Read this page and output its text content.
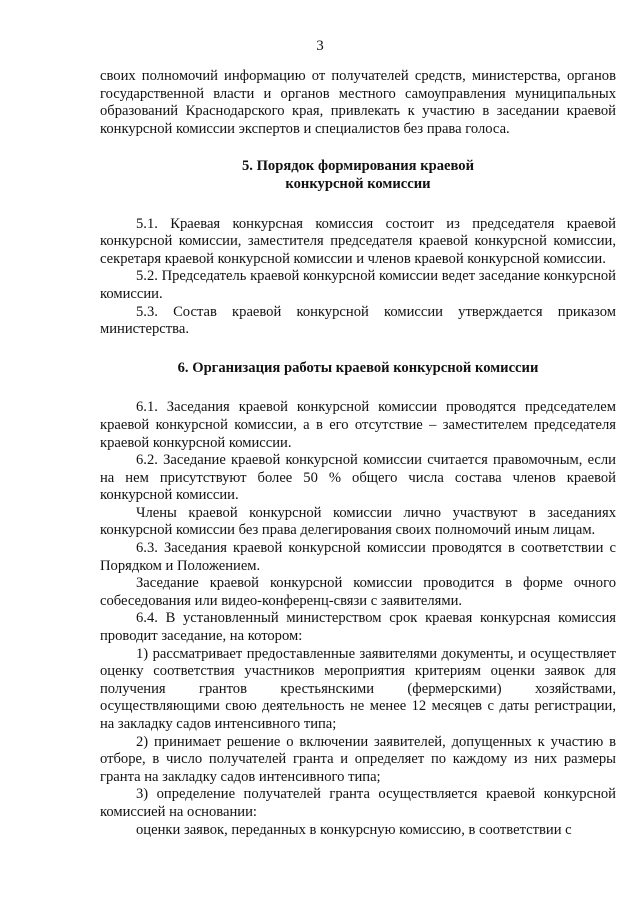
3

своих полномочий информацию от получателей средств, министерства, органов государственной власти и органов местного самоуправления муниципальных образований Краснодарского края, привлекать к участию в заседании краевой конкурсной комиссии экспертов и специалистов без права голоса.

5. Порядок формирования краевой
конкурсной комиссии

5.1. Краевая конкурсная комиссия состоит из председателя краевой конкурсной комиссии, заместителя председателя краевой конкурсной комиссии, секретаря краевой конкурсной комиссии и членов краевой конкурсной комиссии.

5.2. Председатель краевой конкурсной комиссии ведет заседание конкурсной комиссии.

5.3. Состав краевой конкурсной комиссии утверждается приказом министерства.

6. Организация работы краевой конкурсной комиссии

6.1. Заседания краевой конкурсной комиссии проводятся председателем краевой конкурсной комиссии, а в его отсутствие – заместителем председателя краевой конкурсной комиссии.

6.2. Заседание краевой конкурсной комиссии считается правомочным, если на нем присутствуют более 50 % общего числа состава членов краевой конкурсной комиссии.

Члены краевой конкурсной комиссии лично участвуют в заседаниях конкурсной комиссии без права делегирования своих полномочий иным лицам.

6.3. Заседания краевой конкурсной комиссии проводятся в соответствии с Порядком и Положением.

Заседание краевой конкурсной комиссии проводится в форме очного собеседования или видео-конференц-связи с заявителями.

6.4. В установленный министерством срок краевая конкурсная комиссия проводит заседание, на котором:

1) рассматривает предоставленные заявителями документы, и осуществляет оценку соответствия участников мероприятия критериям оценки заявок для получения грантов крестьянскими (фермерскими) хозяйствами, осуществляющими свою деятельность не менее 12 месяцев с даты регистрации, на закладку садов интенсивного типа;

2) принимает решение о включении заявителей, допущенных к участию в отборе, в число получателей гранта и определяет по каждому из них размеры гранта на закладку садов интенсивного типа;

3) определение получателей гранта осуществляется краевой конкурсной комиссией на основании:

оценки заявок, переданных в конкурсную комиссию, в соответствии с
